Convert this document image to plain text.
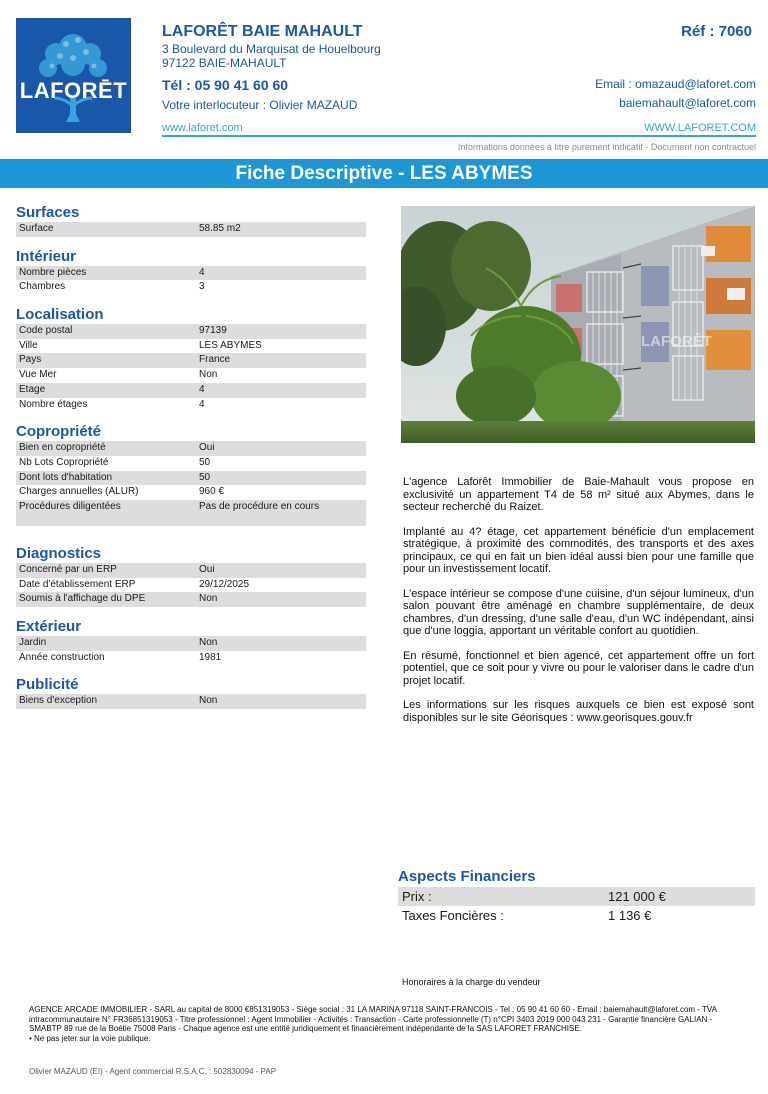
LAFORĒT
LAFORÊT BAIE MAHAULT
3 Boulevard du Marquisat de Houelbourg
97122 BAIE-MAHAULT
Tél : 05 90 41 60 60
Votre interlocuteur : Olivier MAZAUD
Réf : 7060
Email : omazaud@laforet.com
baiemahault@laforet.com
www.laforet.com	WWW.LAFORET.COM
Informations données à titre purement indicatif - Document non contractuel
Fiche Descriptive - LES ABYMES
Surfaces
Surface	58.85 m2
Intérieur
Nombre pièces	4
Chambres	3
Localisation
Code postal	97139
Ville	LES ABYMES
Pays	France
Vue Mer	Non
Etage	4
Nombre étages	4
Copropriété
Bien en copropriété	Oui
Nb Lots Copropriété	50
Dont lots d'habitation	50
Charges annuelles (ALUR)	960 €
Procédures diligentées	Pas de procédure en cours
Diagnostics
Concerné par un ERP	Oui
Date d'établissement ERP	29/12/2025
Soumis à l'affichage du DPE	Non
Extérieur
Jardin	Non
Année construction	1981
Publicité
Biens d'exception	Non
LAFORÊT

L'agence Laforêt Immobilier de Baie-Mahault vous propose en exclusivité un appartement T4 de 58 m² situé aux Abymes, dans le secteur recherché du Raizet.

Implanté au 4? étage, cet appartement bénéficie d'un emplacement stratégique, à proximité des commodités, des transports et des axes principaux, ce qui en fait un bien idéal aussi bien pour une famille que pour un investissement locatif.

L'espace intérieur se compose d'une cuisine, d'un séjour lumineux, d'un salon pouvant être aménagé en chambre supplémentaire, de deux chambres, d'un dressing, d'une salle d'eau, d'un WC indépendant, ainsi que d'une loggia, apportant un véritable confort au quotidien.

En résumé, fonctionnel et bien agencé, cet appartement offre un fort potentiel, que ce soit pour y vivre ou pour le valoriser dans le cadre d'un projet locatif.

Les informations sur les risques auxquels ce bien est exposé sont disponibles sur le site Géorisques : www.georisques.gouv.fr

Aspects Financiers
Prix :	121 000 €
Taxes Foncières :	1 136 €
Honoraires à la charge du vendeur
AGENCE ARCADE IMMOBILIER - SARL au capital de 8000 €851319053 - Siège social : 31 LA MARINA 97118 SAINT-FRANCOIS - Tel : 05 90 41 60 60 - Email : baiemahault@laforet.com - TVA intracommunautaire N° FR36851319053 - Titre professionnel : Agent Immobilier - Activités : Transaction - Carte professionnelle (T) n°CPI 3403 2019 000 043 231 - Garantie financière GALIAN - SMABTP 89 rue de la Boétie 75008 Paris - Chaque agence est une entité juridiquement et financièrement indépendante de la SAS LAFORET FRANCHISE.
• Ne pas jeter sur la voie publique.
Olivier MAZAUD (EI) - Agent commercial R.S.A.C. : 502830094 - PAP
